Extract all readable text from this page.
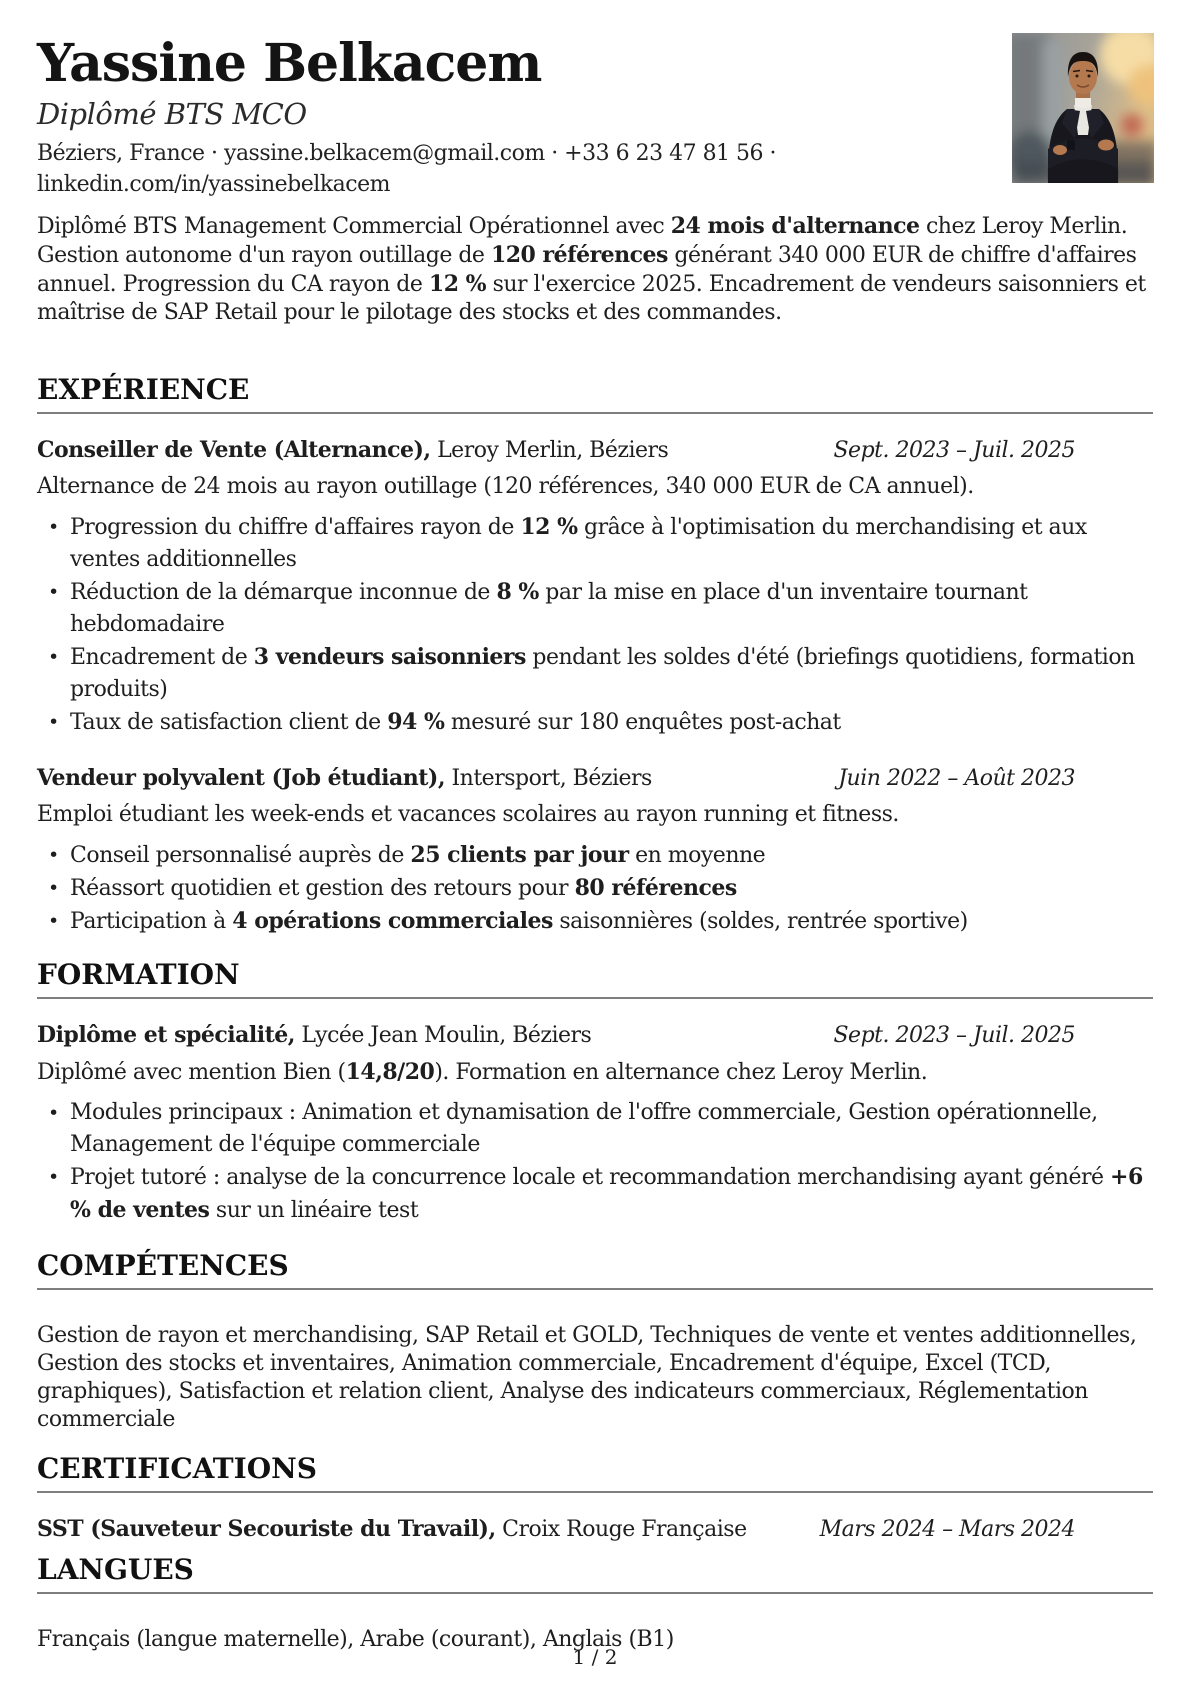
Yassine Belkacem
Diplômé BTS MCO
Béziers, France · yassine.belkacem@gmail.com · +33 6 23 47 81 56 ·
linkedin.com/in/yassinebelkacem

Diplômé BTS Management Commercial Opérationnel avec 24 mois d'alternance chez Leroy Merlin. Gestion autonome d'un rayon outillage de 120 références générant 340 000 EUR de chiffre d'affaires annuel. Progression du CA rayon de 12 % sur l'exercice 2025. Encadrement de vendeurs saisonniers et maîtrise de SAP Retail pour le pilotage des stocks et des commandes.

EXPÉRIENCE

Conseiller de Vente (Alternance), Leroy Merlin, Béziers	Sept. 2023 – Juil. 2025

Alternance de 24 mois au rayon outillage (120 références, 340 000 EUR de CA annuel).

• Progression du chiffre d'affaires rayon de 12 % grâce à l'optimisation du merchandising et aux ventes additionnelles
• Réduction de la démarque inconnue de 8 % par la mise en place d'un inventaire tournant hebdomadaire
• Encadrement de 3 vendeurs saisonniers pendant les soldes d'été (briefings quotidiens, formation produits)
• Taux de satisfaction client de 94 % mesuré sur 180 enquêtes post-achat

Vendeur polyvalent (Job étudiant), Intersport, Béziers	Juin 2022 – Août 2023

Emploi étudiant les week-ends et vacances scolaires au rayon running et fitness.

• Conseil personnalisé auprès de 25 clients par jour en moyenne
• Réassort quotidien et gestion des retours pour 80 références
• Participation à 4 opérations commerciales saisonnières (soldes, rentrée sportive)
FORMATION

Diplôme et spécialité, Lycée Jean Moulin, Béziers	Sept. 2023 – Juil. 2025

Diplômé avec mention Bien (14,8/20). Formation en alternance chez Leroy Merlin.

• Modules principaux : Animation et dynamisation de l'offre commerciale, Gestion opérationnelle, Management de l'équipe commerciale
• Projet tutoré : analyse de la concurrence locale et recommandation merchandising ayant généré +6 % de ventes sur un linéaire test
COMPÉTENCES

Gestion de rayon et merchandising, SAP Retail et GOLD, Techniques de vente et ventes additionnelles, Gestion des stocks et inventaires, Animation commerciale, Encadrement d'équipe, Excel (TCD, graphiques), Satisfaction et relation client, Analyse des indicateurs commerciaux, Réglementation commerciale

CERTIFICATIONS

SST (Sauveteur Secouriste du Travail), Croix Rouge Française	Mars 2024 – Mars 2024

LANGUES

Français (langue maternelle), Arabe (courant), Anglais (B1)

1 / 2
